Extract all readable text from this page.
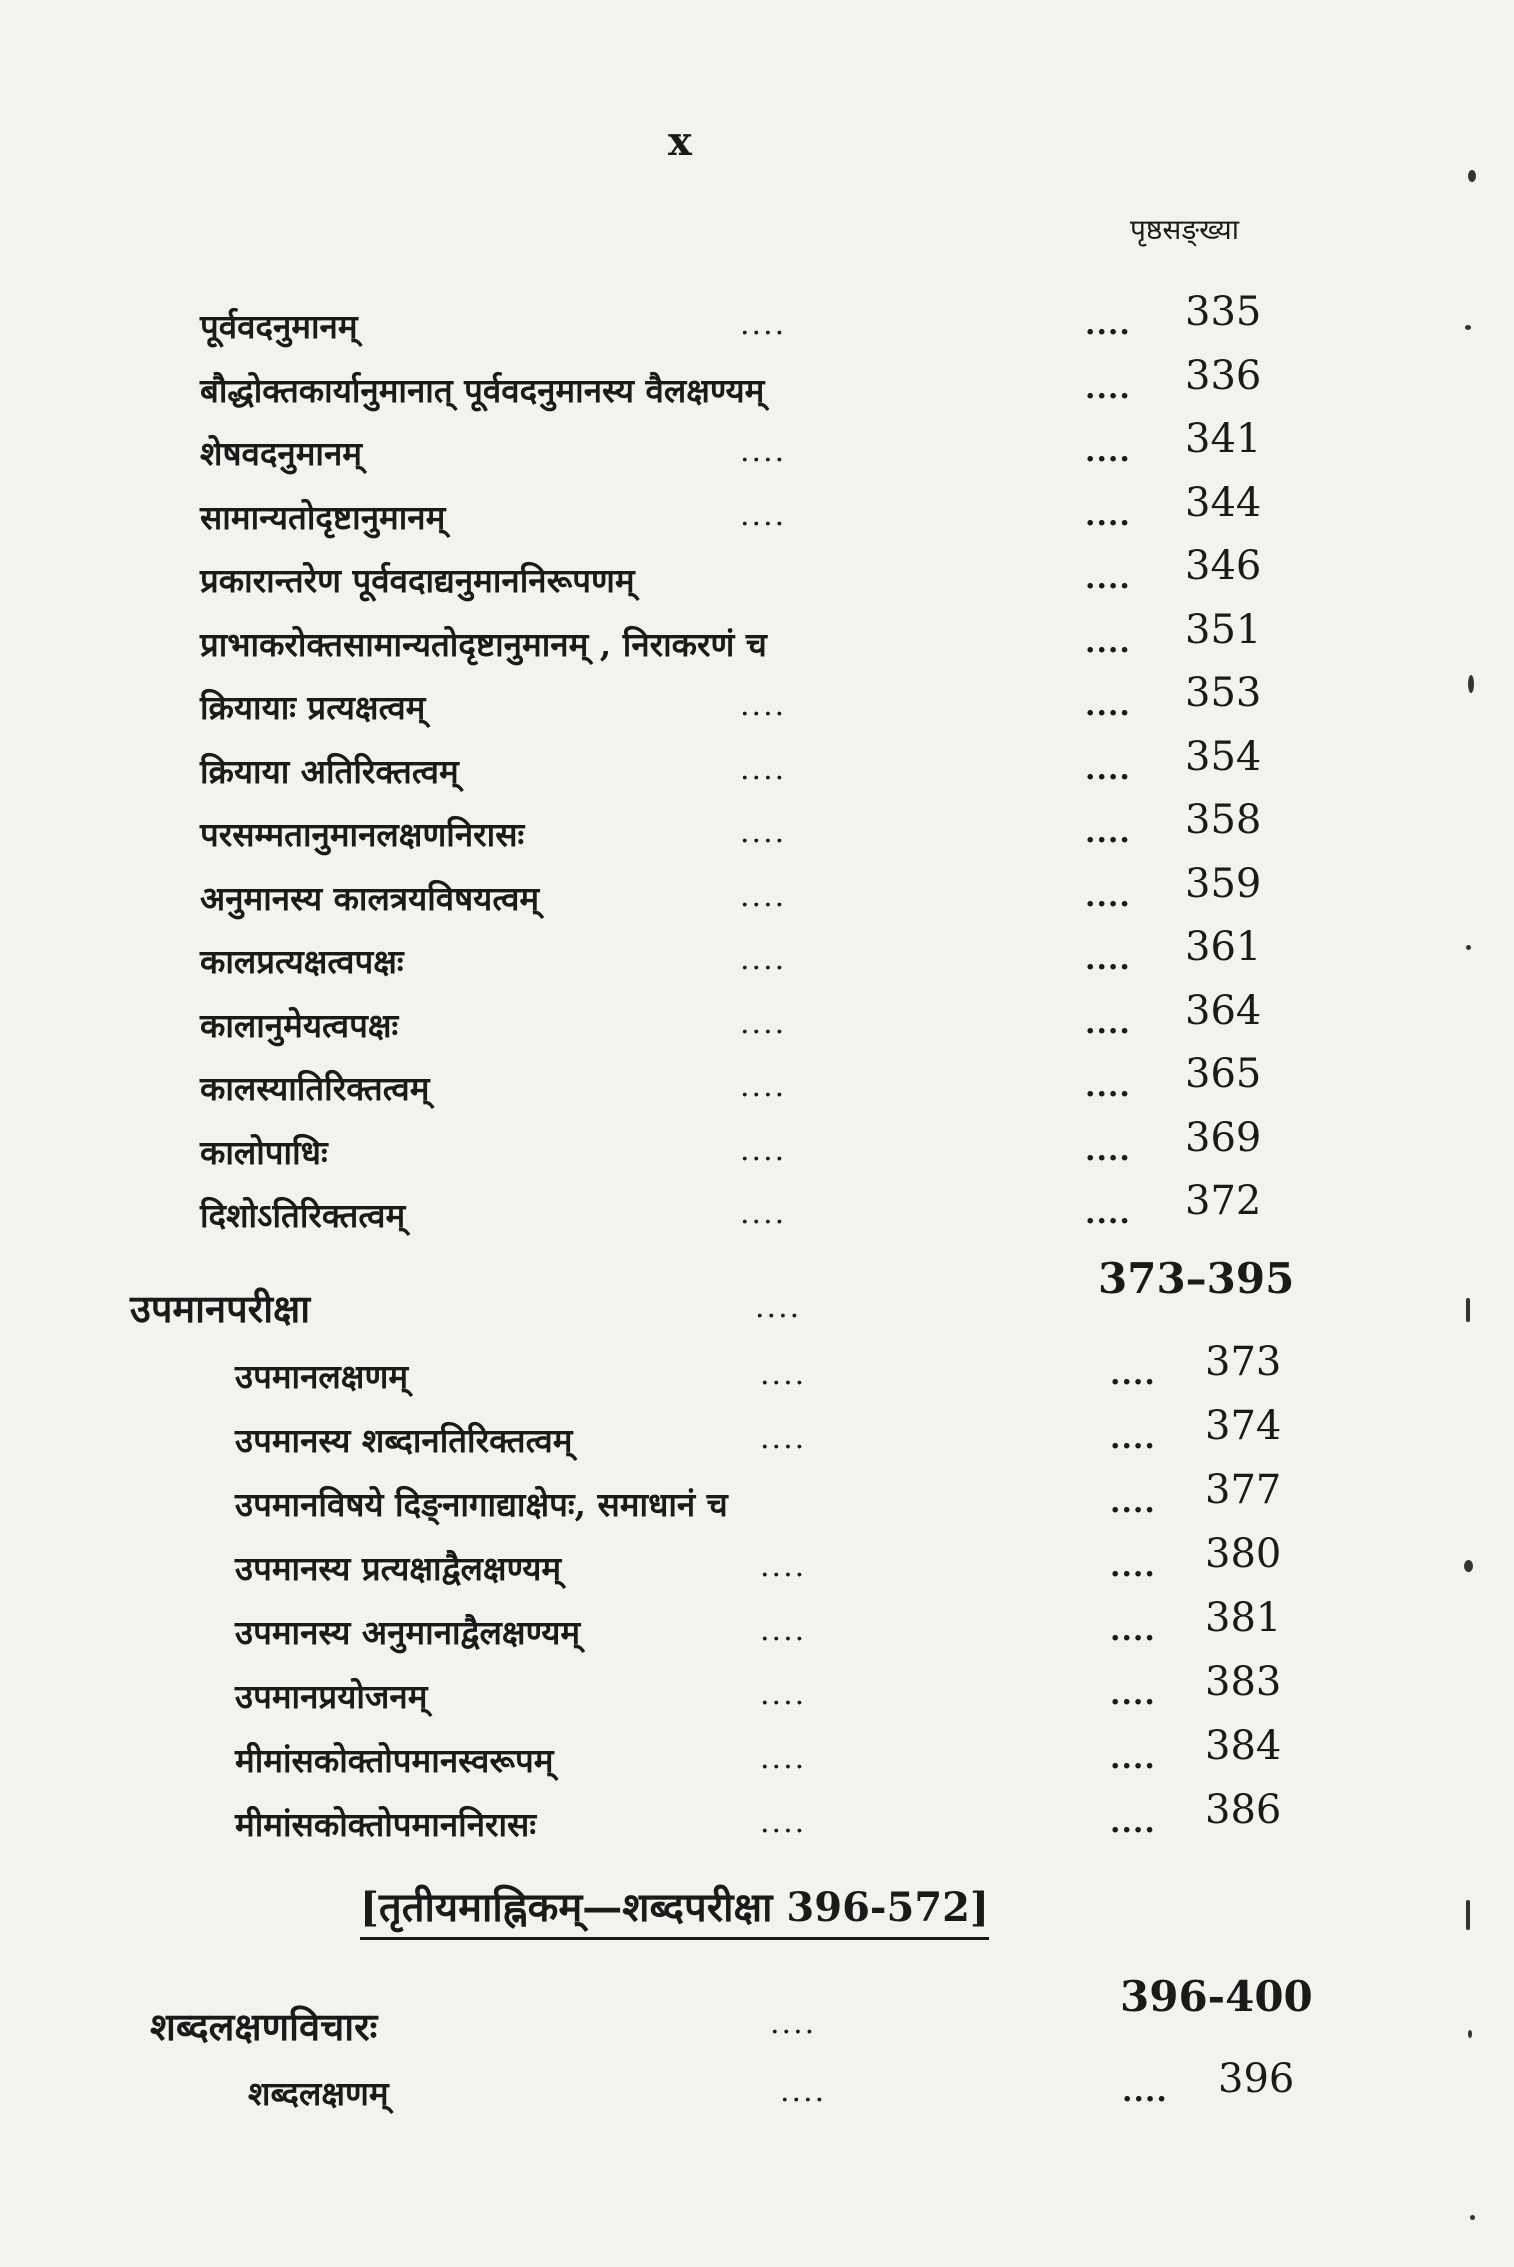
x
पृष्ठसङ्ख्या
पूर्ववदनुमानम्	....	.... 335
बौद्धोक्तकार्यानुमानात् पूर्ववदनुमानस्य वैलक्षण्यम्	.... 336
शेषवदनुमानम्	....	.... 341
सामान्यतोदृष्टानुमानम्	....	.... 344
प्रकारान्तरेण पूर्ववदाद्यनुमाननिरूपणम्	.... 346
प्राभाकरोक्तसामान्यतोदृष्टानुमानम् , निराकरणं च	.... 351
क्रियायाः प्रत्यक्षत्वम्	....	.... 353
क्रियाया अतिरिक्तत्वम्	....	.... 354
परसम्मतानुमानलक्षणनिरासः	....	.... 358
अनुमानस्य कालत्रयविषयत्वम्	....	.... 359
कालप्रत्यक्षत्वपक्षः	....	.... 361
कालानुमेयत्वपक्षः	....	.... 364
कालस्यातिरिक्तत्वम्	....	.... 365
कालोपाधिः	....	.... 369
दिशोऽतिरिक्तत्वम्	....	.... 372
उपमानपरीक्षा	....
373–395
उपमानलक्षणम्	....	.... 373
उपमानस्य शब्दानतिरिक्तत्वम्	....	.... 374
उपमानविषये दिङ्नागाद्याक्षेपः, समाधानं च	.... 377
उपमानस्य प्रत्यक्षाद्वैलक्षण्यम्	....	.... 380
उपमानस्य अनुमानाद्वैलक्षण्यम्	....	.... 381
उपमानप्रयोजनम्	....	.... 383
मीमांसकोक्तोपमानस्वरूपम्	....	.... 384
मीमांसकोक्तोपमाननिरासः	....	.... 386
[तृतीयमाह्निकम्—शब्दपरीक्षा 396-572]
शब्दलक्षणविचारः	....
396-400
शब्दलक्षणम्	....	.... 396
